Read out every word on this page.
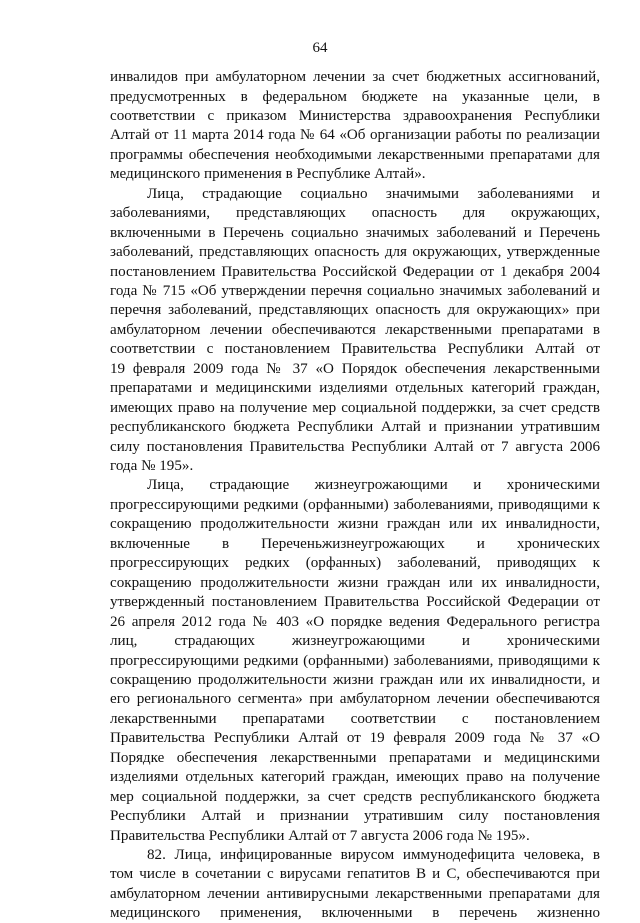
64
инвалидов при амбулаторном лечении за счет бюджетных ассигнований,
предусмотренных в федеральном бюджете на указанные цели, в
соответствии с приказом Министерства здравоохранения Республики
Алтай от 11 марта 2014 года № 64 «Об организации работы по реализации
программы обеспечения необходимыми лекарственными препаратами для
медицинского применения в Республике Алтай».
Лица, страдающие социально значимыми заболеваниями и
заболеваниями, представляющих опасность для окружающих,
включенными в Перечень социально значимых заболеваний и Перечень
заболеваний, представляющих опасность для окружающих, утвержденные
постановлением Правительства Российской Федерации от 1 декабря 2004
года № 715 «Об утверждении перечня социально значимых заболеваний и
перечня заболеваний, представляющих опасность для окружающих» при
амбулаторном лечении обеспечиваются лекарственными препаратами в
соответствии с постановлением Правительства Республики Алтай от
19 февраля 2009 года № 37 «О Порядок обеспечения лекарственными
препаратами и медицинскими изделиями отдельных категорий граждан,
имеющих право на получение мер социальной поддержки, за счет средств
республиканского бюджета Республики Алтай и признании утратившим
силу постановления Правительства Республики Алтай от 7 августа 2006
года № 195».
Лица, страдающие жизнеугрожающими и хроническими
прогрессирующими редкими (орфанными) заболеваниями, приводящими к
сокращению продолжительности жизни граждан или их инвалидности,
включенные в Переченьжизнеугрожающих и хронических
прогрессирующих редких (орфанных) заболеваний, приводящих к
сокращению продолжительности жизни граждан или их инвалидности,
утвержденный постановлением Правительства Российской Федерации от
26 апреля 2012 года № 403 «О порядке ведения Федерального регистра
лиц, страдающих жизнеугрожающими и хроническими
прогрессирующими редкими (орфанными) заболеваниями, приводящими к
сокращению продолжительности жизни граждан или их инвалидности, и
его регионального сегмента» при амбулаторном лечении обеспечиваются
лекарственными препаратами соответствии с постановлением
Правительства Республики Алтай от 19 февраля 2009 года № 37 «О
Порядке обеспечения лекарственными препаратами и медицинскими
изделиями отдельных категорий граждан, имеющих право на получение
мер социальной поддержки, за счет средств республиканского бюджета
Республики Алтай и признании утратившим силу постановления
Правительства Республики Алтай от 7 августа 2006 года № 195».
82. Лица, инфицированные вирусом иммунодефицита человека, в
том числе в сочетании с вирусами гепатитов B и C, обеспечиваются при
амбулаторном лечении антивирусными лекарственными препаратами для
медицинского применения, включенными в перечень жизненно
